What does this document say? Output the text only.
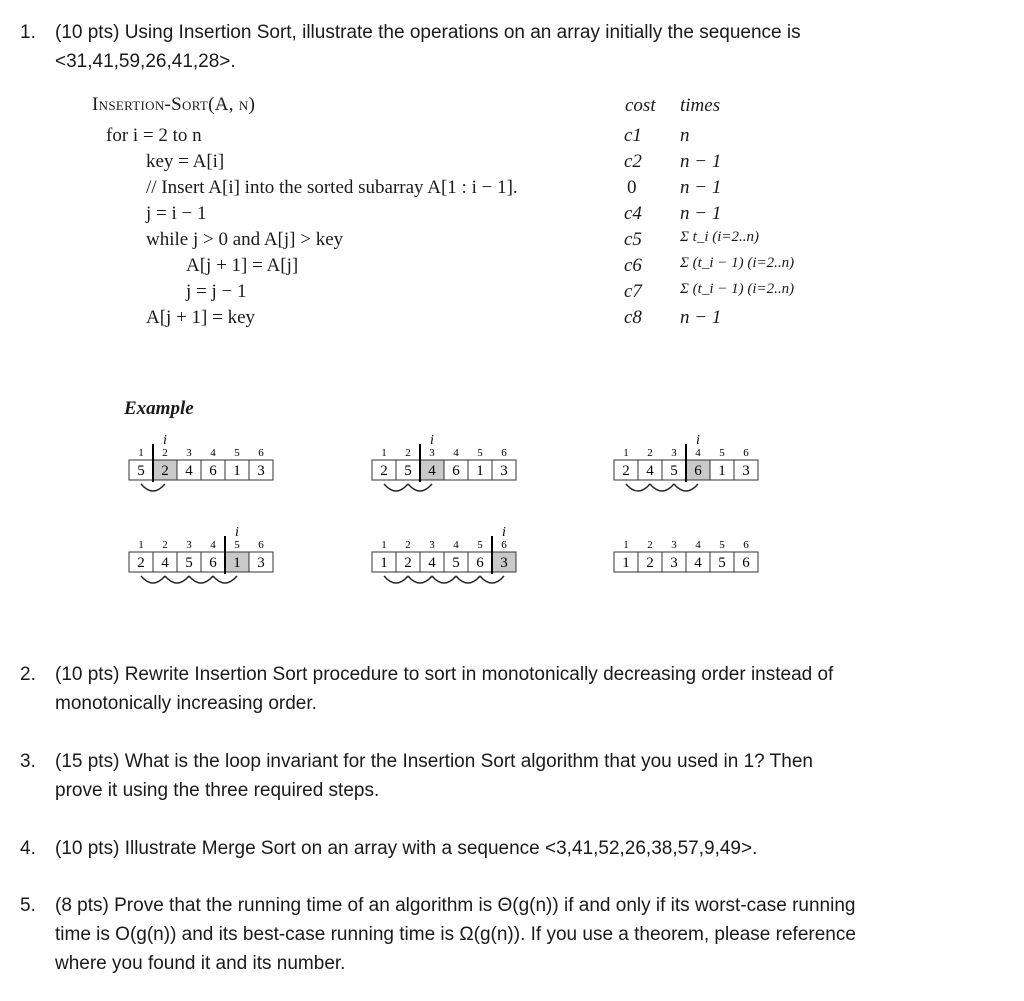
1. (10 pts) Using Insertion Sort, illustrate the operations on an array initially the sequence is
<31,41,59,26,41,28>.
Insertion-Sort(A, n)	cost times
for i = 2 to n
key = A[i]
// Insert A[i] into the sorted subarray A[1 : i − 1].
j = i − 1
while j > 0 and A[j] > key
A[j + 1] = A[j]
j = j − 1
A[j + 1] = key
c1
c2
0
c4
c5
c6
c7
c8
n
n − 1
n − 1
n − 1
Σ t_i (i=2..n)
Σ (t_i − 1) (i=2..n)
Σ (t_i − 1) (i=2..n)
n − 1
Example
i
1
5
2
2
3
4
4
6
5
1
6
3
i
1
2
2
5
3
4
4
6
5
1
6
3
i
1
2
2
4
3
5
4
6
5
1
6
3
i
1
2
2
4
3
5
4
6
5
1
6
3
i
1
1
2
2
3
4
4
5
5
6
6
3
1
1
2
2
3
3
4
4
5
5
6
6
2. (10 pts) Rewrite Insertion Sort procedure to sort in monotonically decreasing order instead of
monotonically increasing order.
3. (15 pts) What is the loop invariant for the Insertion Sort algorithm that you used in 1? Then
prove it using the three required steps.
4. (10 pts) Illustrate Merge Sort on an array with a sequence <3,41,52,26,38,57,9,49>.
5. (8 pts) Prove that the running time of an algorithm is Θ(g(n)) if and only if its worst-case running
time is O(g(n)) and its best-case running time is Ω(g(n)). If you use a theorem, please reference
where you found it and its number.
